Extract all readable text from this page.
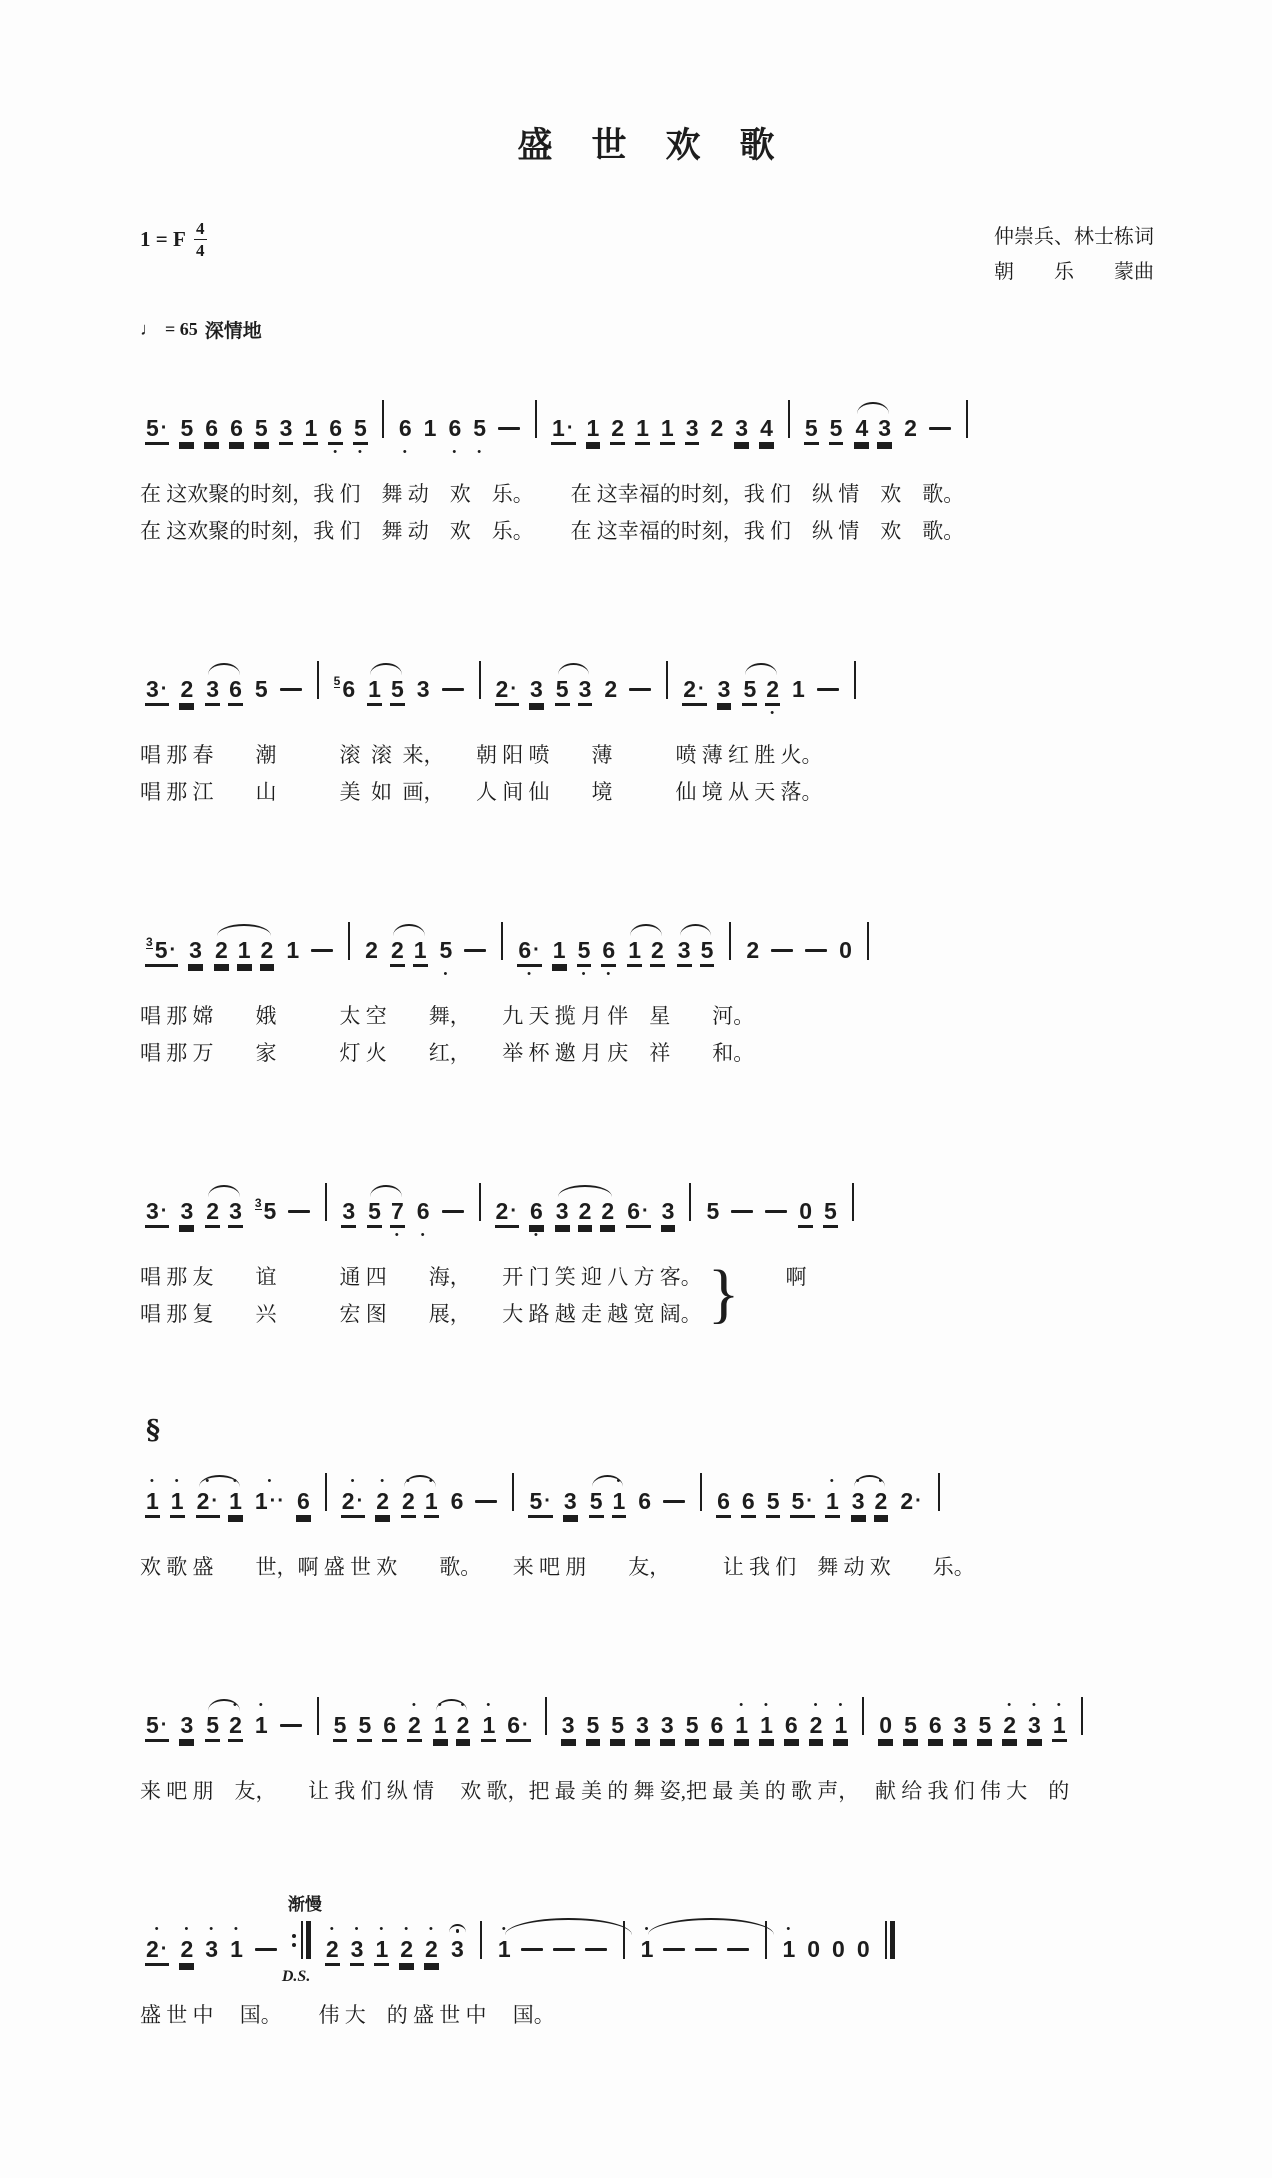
盛　世　欢　歌
1 = F $\frac{4}{4}$	仲崇兵、林士栋词
朝　　乐　　蒙曲
♩ = 65 深情地
5 · 5 6 6 5 3 1 6
•
5
•
6
•
1 6
•
5
•
1 · 1 2 1 1 3 2 3 4 5 5 4 3 2
在 这欢聚的时刻，我 们　舞 动　欢　乐。　　 在 这幸福的时刻，我 们　纵 情　欢　歌。
在 这欢聚的时刻，我 们　舞 动　欢　乐。　　 在 这幸福的时刻，我 们　纵 情　欢　歌。
3 · 2 3 6 5	5 6 1 5 3	2 · 3 5 3 2	2 · 3 5 2
•
1
唱 那 春　　潮　　　滚  滚  来，　　朝 阳 喷　　薄　　　喷 薄 红 胜 火。
唱 那 江　　山　　　美  如  画，　　人 间 仙　　境　　　仙 境 从 天 落。
3 5 · 3 2 1 2 1	2 2 1 5
•
6 ·
•
1 5
•
6
•
1 2 3 5 2	0
唱 那 嫦　　娥　　　太 空　　舞，　　九 天 揽 月 伴　星　　河。
唱 那 万　　家　　　灯 火　　红，　　举 杯 邀 月 庆　祥　　和。
3 · 3 2 3 3 5	3 5 7
•
6
•
2 · 6
•
3 2 2 6 · 3 5	0 5
唱 那 友　　谊　　　通 四　　海，　　开 门 笑 迎 八 方 客。
唱 那 复　　兴　　　宏 图　　展，　　大 路 越 走 越 宽 阔。 } 啊
§
•
1
•
1
•
2 ·
•
1
•
1 ·· 6
•
2 ·
•
2
•
2
•
1 6	5 · 3 5
•
1 6	6 6 5 5 ·
•
1
•
3
•
2 2 ·
欢 歌 盛　　世，啊 盛 世 欢　　歌。　　来 吧 朋　　友，　　　让 我 们　舞 动 欢　　乐。
5 · 3 5
•
2
•
1	5 5 6
•
2
•
1
•
2
•
1 6 · 3 5 5 3 3 5 6
•
1
•
1 6
•
2
•
1 0 5 6 3 5
•
2
•
3
•
1
来 吧 朋　友，　　让 我 们 纵 情　 欢 歌，把 最 美 的 舞 姿,把 最 美 的 歌 声，　 献 给 我 们 伟 大　的
•
2 ·
•
2
•
3
•
1
渐慢
D.S.
•
2
•
3
•
1
•
2
•
2 3
•
1
•
1
•
1 0 0 0
盛 世 中　 国。　　 伟 大　的 盛 世 中　 国。
